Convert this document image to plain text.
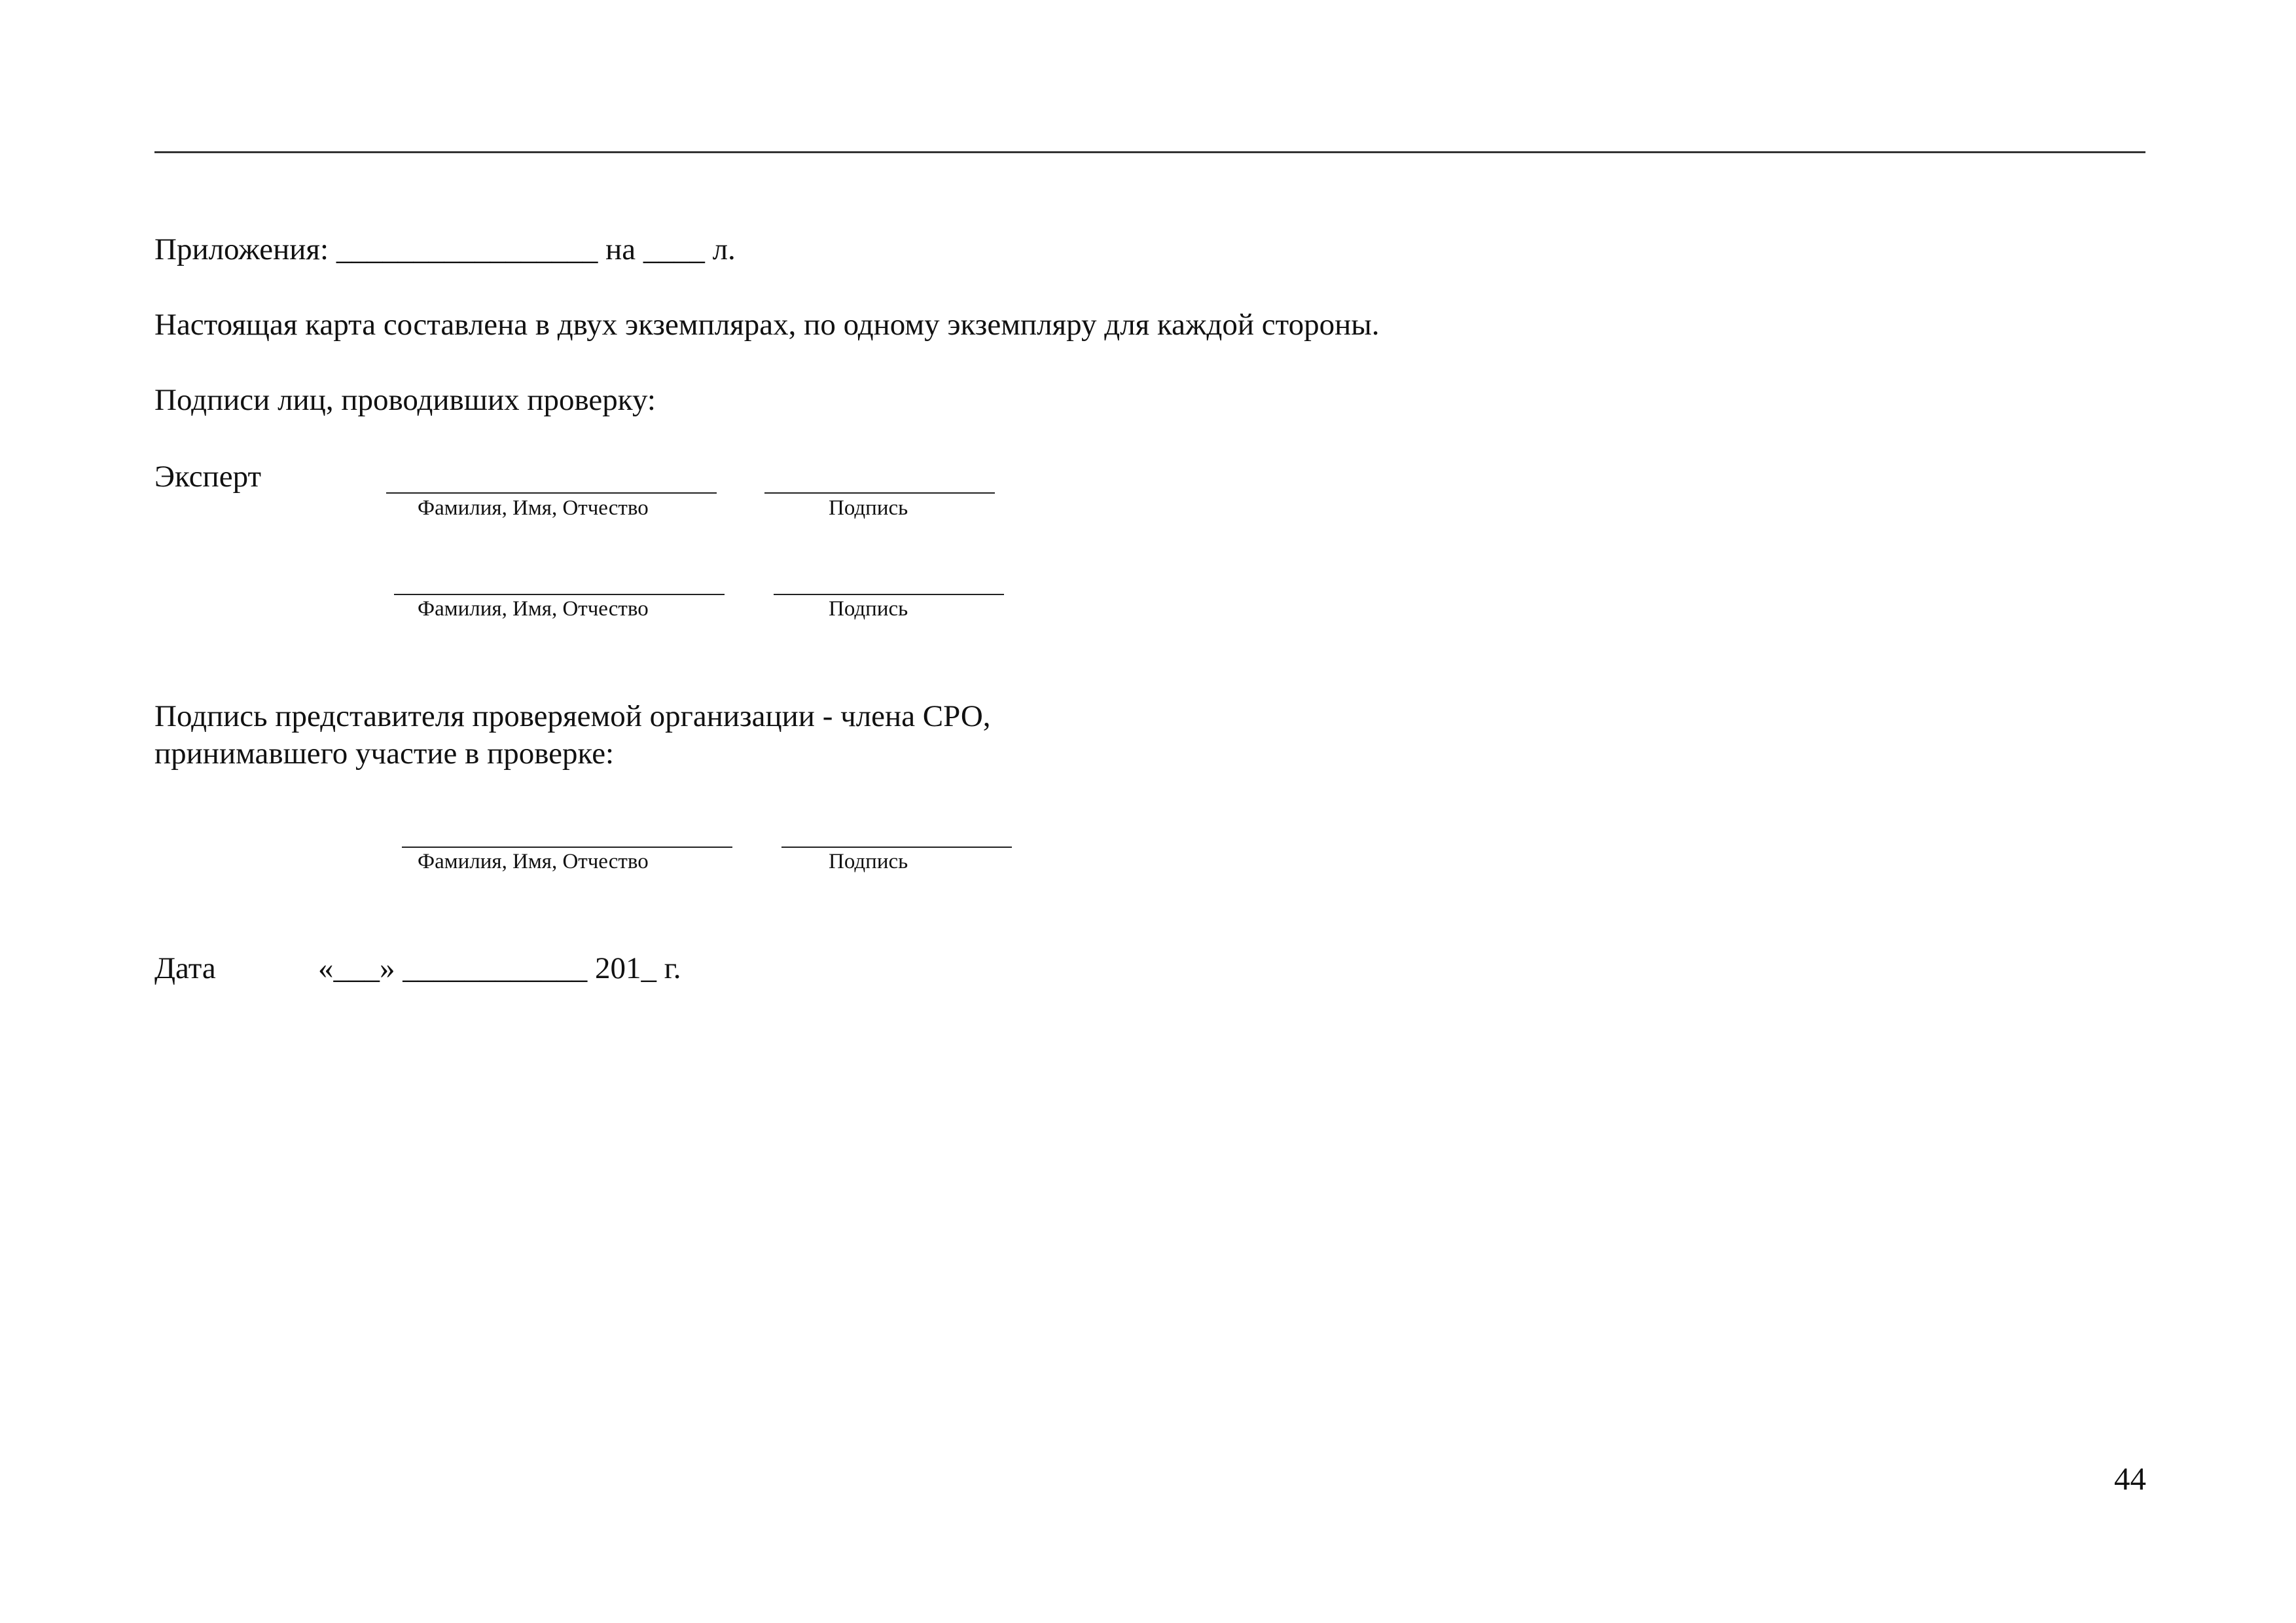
Приложения: _________________ на ____ л.
Настоящая карта составлена в двух экземплярах, по одному экземпляру для каждой стороны.
Подписи лиц, проводивших проверку:
Эксперт
Фамилия, Имя, Отчество	Подпись
Фамилия, Имя, Отчество	Подпись
Подпись представителя проверяемой организации - члена СРО,
принимавшего участие в проверке:
Фамилия, Имя, Отчество	Подпись
Дата	«___» ____________ 201_ г.
44
